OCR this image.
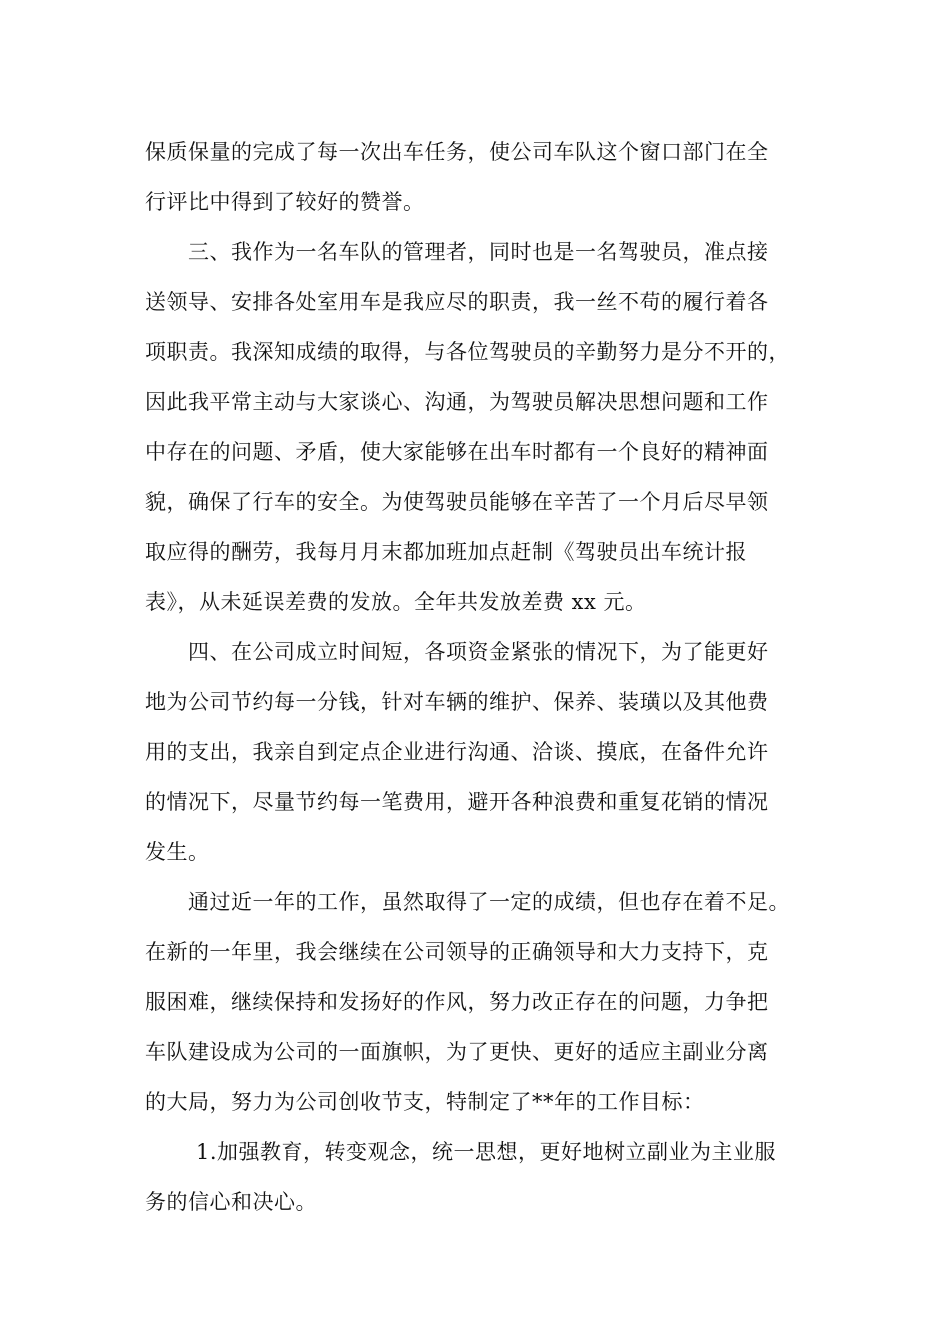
保质保量的完成了每一次出车任务，使公司车队这个窗口部门在全

行评比中得到了较好的赞誉。

三、我作为一名车队的管理者，同时也是一名驾驶员，准点接

送领导、安排各处室用车是我应尽的职责，我一丝不苟的履行着各

项职责。我深知成绩的取得，与各位驾驶员的辛勤努力是分不开的，

因此我平常主动与大家谈心、沟通，为驾驶员解决思想问题和工作

中存在的问题、矛盾，使大家能够在出车时都有一个良好的精神面

貌，确保了行车的安全。为使驾驶员能够在辛苦了一个月后尽早领

取应得的酬劳，我每月月末都加班加点赶制《驾驶员出车统计报

表》，从未延误差费的发放。全年共发放差费 xx 元。

四、在公司成立时间短，各项资金紧张的情况下，为了能更好

地为公司节约每一分钱，针对车辆的维护、保养、装璜以及其他费

用的支出，我亲自到定点企业进行沟通、洽谈、摸底，在备件允许

的情况下，尽量节约每一笔费用，避开各种浪费和重复花销的情况

发生。

通过近一年的工作，虽然取得了一定的成绩，但也存在着不足。

在新的一年里，我会继续在公司领导的正确领导和大力支持下，克

服困难，继续保持和发扬好的作风，努力改正存在的问题，力争把

车队建设成为公司的一面旗帜，为了更快、更好的适应主副业分离

的大局，努力为公司创收节支，特制定了**年的工作目标：

1.加强教育，转变观念，统一思想，更好地树立副业为主业服

务的信心和决心。
